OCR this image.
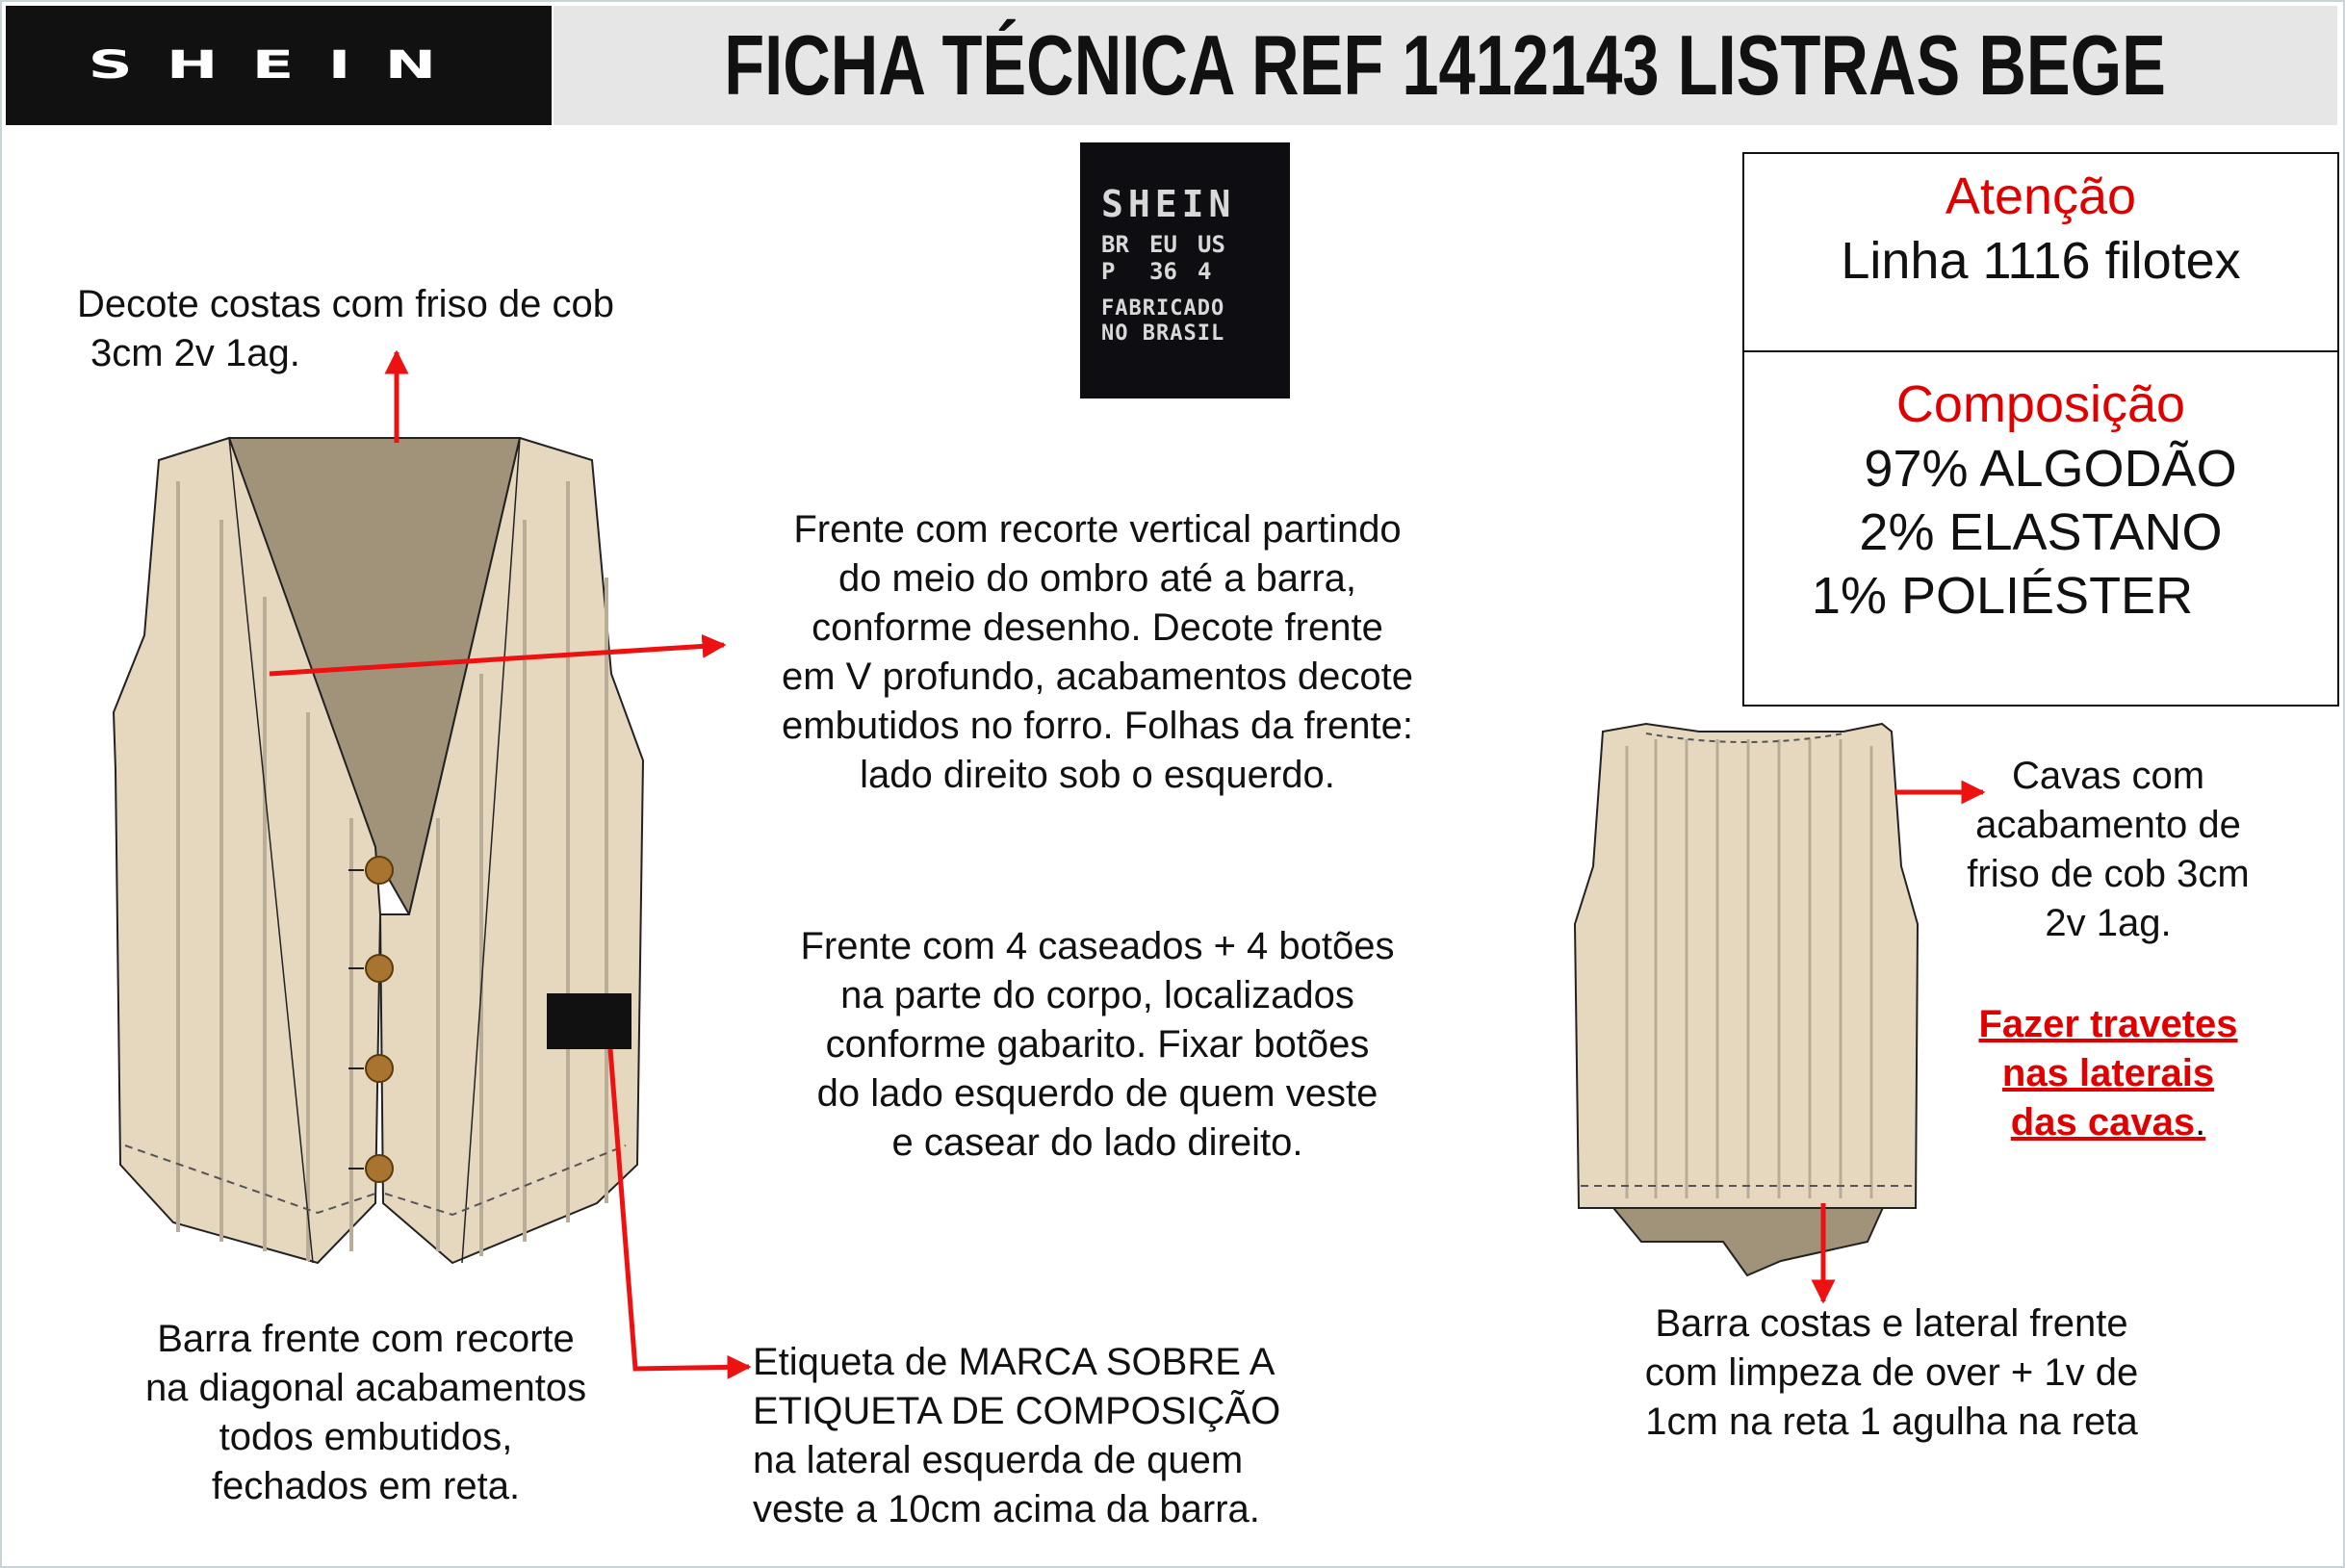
SHEIN	FICHA TÉCNICA REF 1412143 LISTRAS BEGE
SHEIN
BR EU US
P 36 4
FABRICADO
NO BRASIL
Atenção
Linha 1116 filotex
Composição
97% ALGODÃO
2% ELASTANO
1% POLIÉSTER
Decote costas com friso de cob
3cm 2v 1ag.
Frente com recorte vertical partindo
do meio do ombro até a barra,
conforme desenho. Decote frente
em V profundo, acabamentos decote
embutidos no forro. Folhas da frente:
lado direito sob o esquerdo.
Frente com 4 caseados + 4 botões
na parte do corpo, localizados
conforme gabarito. Fixar botões
do lado esquerdo de quem veste
e casear do lado direito.
Barra frente com recorte
na diagonal acabamentos
todos embutidos,
fechados em reta.
Etiqueta de MARCA SOBRE A
ETIQUETA DE COMPOSIÇÃO
na lateral esquerda de quem
veste a 10cm acima da barra.
Cavas com
acabamento de
friso de cob 3cm
2v 1ag.
Fazer travetes
nas laterais
das cavas.
Barra costas e lateral frente
com limpeza de over + 1v de
1cm na reta 1 agulha na reta
